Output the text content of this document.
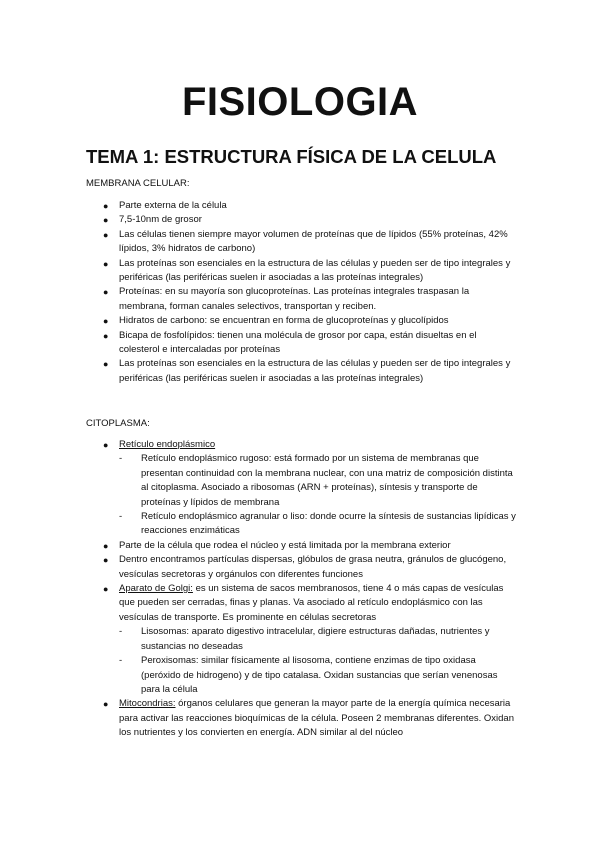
FISIOLOGIA
TEMA 1: ESTRUCTURA FÍSICA DE LA CELULA

MEMBRANA CELULAR:

● Parte externa de la célula
● 7,5-10nm de grosor
● Las células tienen siempre mayor volumen de proteínas que de lípidos (55% proteínas, 42% lípidos, 3% hidratos de carbono)
● Las proteínas son esenciales en la estructura de las células y pueden ser de tipo integrales y periféricas (las periféricas suelen ir asociadas a las proteínas integrales)
● Proteínas: en su mayoría son glucoproteínas. Las proteínas integrales traspasan la membrana, forman canales selectivos, transportan y reciben.
● Hidratos de carbono: se encuentran en forma de glucoproteínas y glucolípidos
● Bicapa de fosfolípidos: tienen una molécula de grosor por capa, están disueltas en el colesterol e intercaladas por proteínas
● Las proteínas son esenciales en la estructura de las células y pueden ser de tipo integrales y periféricas (las periféricas suelen ir asociadas a las proteínas integrales)

CITOPLASMA:

● Retículo endoplásmico
- Retículo endoplásmico rugoso: está formado por un sistema de membranas que presentan continuidad con la membrana nuclear, con una matriz de composición distinta al citoplasma. Asociado a ribosomas (ARN + proteínas), síntesis y transporte de proteínas y lípidos de membrana
- Retículo endoplásmico agranular o liso: donde ocurre la síntesis de sustancias lipídicas y reacciones enzimáticas
● Parte de la célula que rodea el núcleo y está limitada por la membrana exterior
● Dentro encontramos partículas dispersas, glóbulos de grasa neutra, gránulos de glucógeno, vesículas secretoras y orgánulos con diferentes funciones
● Aparato de Golgi: es un sistema de sacos membranosos, tiene 4 o más capas de vesículas que pueden ser cerradas, finas y planas. Va asociado al retículo endoplásmico con las vesículas de transporte. Es prominente en células secretoras
- Lisosomas: aparato digestivo intracelular, digiere estructuras dañadas, nutrientes y sustancias no deseadas
- Peroxisomas: similar físicamente al lisosoma, contiene enzimas de tipo oxidasa (peróxido de hidrogeno) y de tipo catalasa. Oxidan sustancias que serían venenosas para la célula
● Mitocondrias: órganos celulares que generan la mayor parte de la energía química necesaria para activar las reacciones bioquímicas de la célula. Poseen 2 membranas diferentes. Oxidan los nutrientes y los convierten en energía. ADN similar al del núcleo
